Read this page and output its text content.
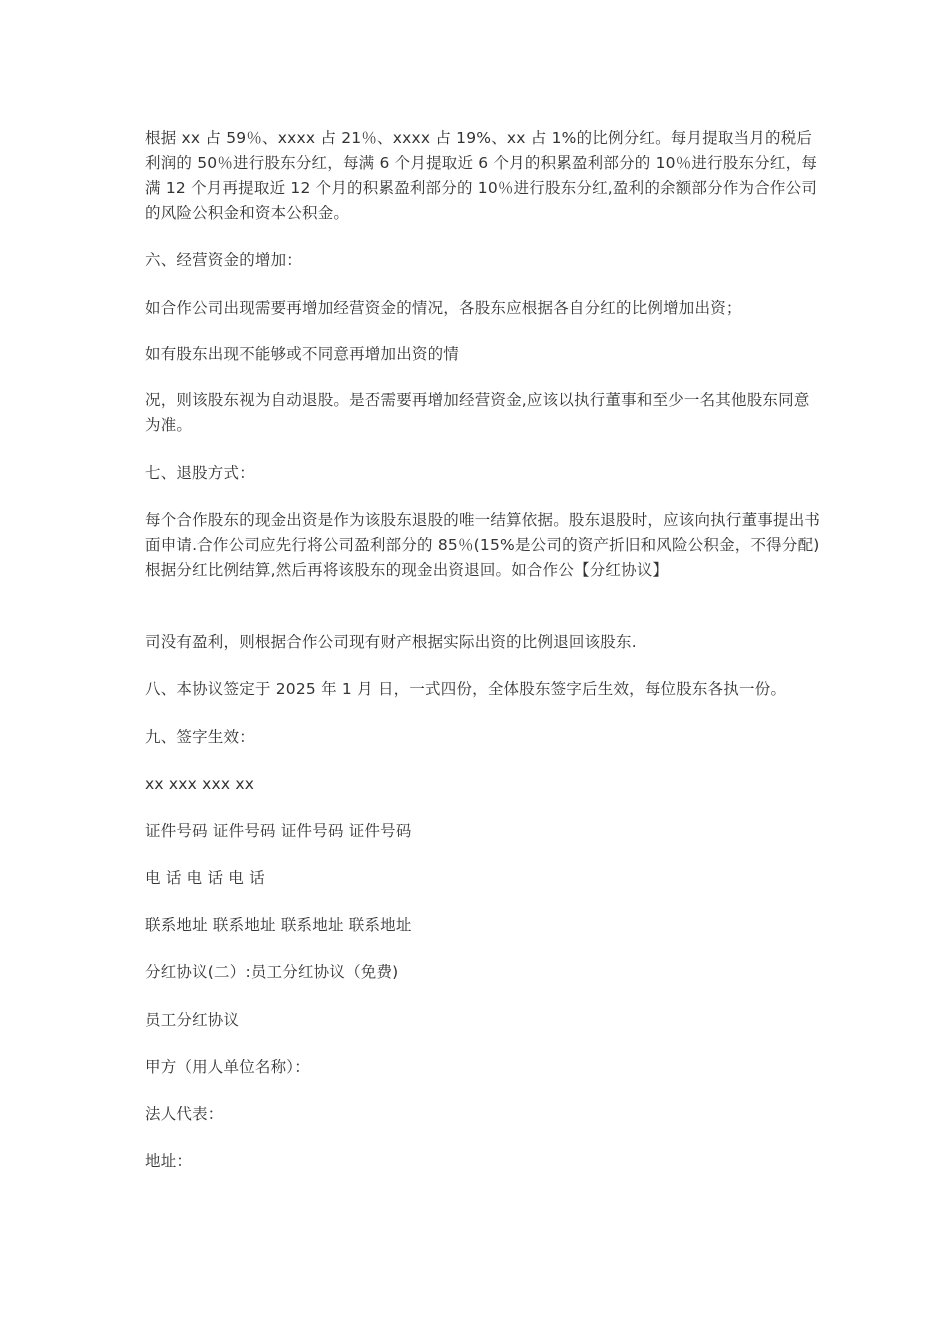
根据 xx 占 59％、xxxx 占 21％、xxxx 占 19%、xx 占 1%的比例分红。每月提取当月的税后利润的 50％进行股东分红，每满 6 个月提取近 6 个月的积累盈利部分的 10％进行股东分红，每满 12 个月再提取近 12 个月的积累盈利部分的 10％进行股东分红,盈利的余额部分作为合作公司的风险公积金和资本公积金。

六、经营资金的增加：

如合作公司出现需要再增加经营资金的情况，各股东应根据各自分红的比例增加出资；

如有股东出现不能够或不同意再增加出资的情

况，则该股东视为自动退股。是否需要再增加经营资金,应该以执行董事和至少一名其他股东同意为准。

七、退股方式：

每个合作股东的现金出资是作为该股东退股的唯一结算依据。股东退股时，应该向执行董事提出书面申请.合作公司应先行将公司盈利部分的 85％(15%是公司的资产折旧和风险公积金，不得分配)根据分红比例结算,然后再将该股东的现金出资退回。如合作公【分红协议】

司没有盈利，则根据合作公司现有财产根据实际出资的比例退回该股东.

八、本协议签定于 2025 年 1 月 日，一式四份，全体股东签字后生效，每位股东各执一份。

九、签字生效：

xx xxx xxx xx

证件号码 证件号码 证件号码 证件号码

电 话 电 话 电 话

联系地址 联系地址 联系地址 联系地址

分红协议(二）:员工分红协议（免费)

员工分红协议

甲方（用人单位名称）：

法人代表：

地址：
